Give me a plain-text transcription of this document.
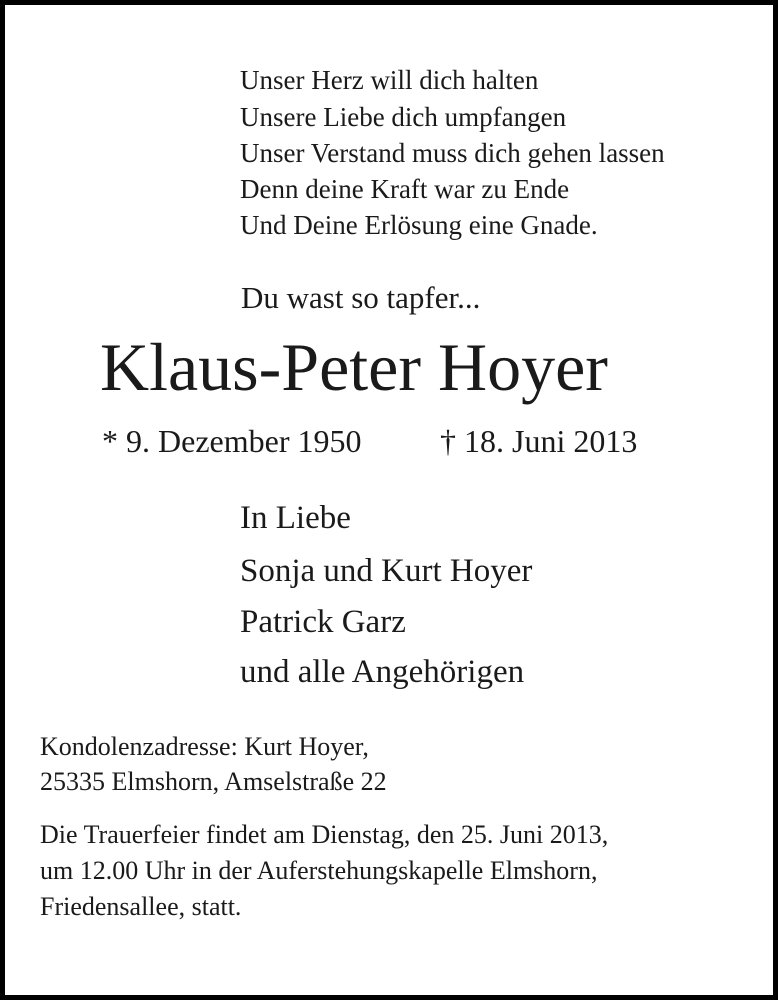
Unser Herz will dich halten
Unsere Liebe dich umpfangen
Unser Verstand muss dich gehen lassen
Denn deine Kraft war zu Ende
Und Deine Erlösung eine Gnade.
Du wast so tapfer...
Klaus-Peter Hoyer
* 9. Dezember 1950 † 18. Juni 2013
In Liebe
Sonja und Kurt Hoyer
Patrick Garz
und alle Angehörigen
Kondolenzadresse: Kurt Hoyer,
25335 Elmshorn, Amselstraße 22
Die Trauerfeier findet am Dienstag, den 25. Juni 2013,
um 12.00 Uhr in der Auferstehungskapelle Elmshorn,
Friedensallee, statt.
